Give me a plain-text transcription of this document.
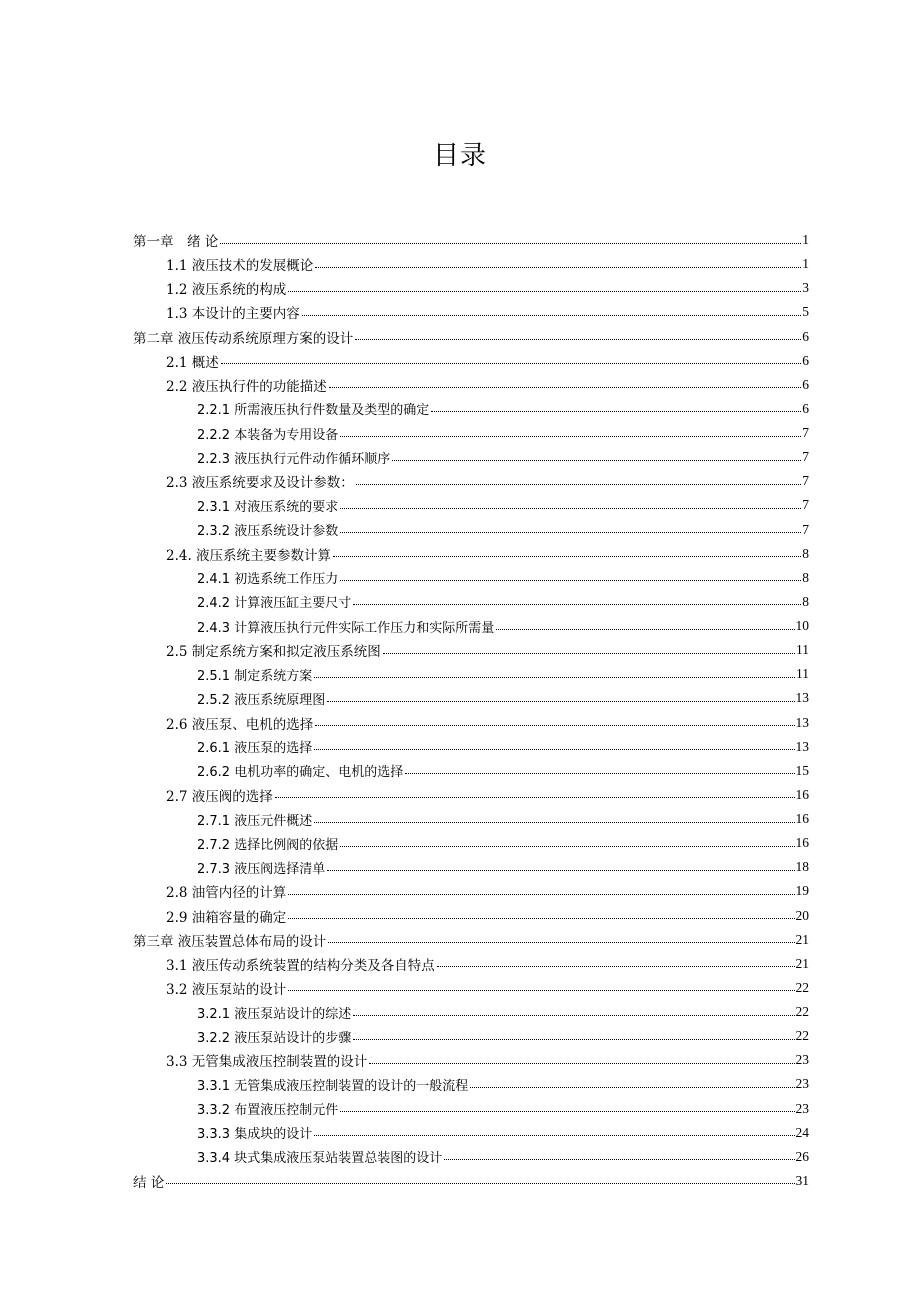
目录
第一章　绪 论	1
1.1 液压技术的发展概论	1
1.2 液压系统的构成	3
1.3 本设计的主要内容	5
第二章 液压传动系统原理方案的设计	6
2.1 概述	6
2.2 液压执行件的功能描述	6
2.2.1 所需液压执行件数量及类型的确定	6
2.2.2 本装备为专用设备	7
2.2.3 液压执行元件动作循环顺序	7
2.3 液压系统要求及设计参数：	7
2.3.1 对液压系统的要求	7
2.3.2 液压系统设计参数	7
2.4. 液压系统主要参数计算	8
2.4.1 初选系统工作压力	8
2.4.2 计算液压缸主要尺寸	8
2.4.3 计算液压执行元件实际工作压力和实际所需量	10
2.5 制定系统方案和拟定液压系统图	11
2.5.1 制定系统方案	11
2.5.2 液压系统原理图	13
2.6 液压泵、电机的选择	13
2.6.1 液压泵的选择	13
2.6.2 电机功率的确定、电机的选择	15
2.7 液压阀的选择	16
2.7.1 液压元件概述	16
2.7.2 选择比例阀的依据	16
2.7.3 液压阀选择清单	18
2.8 油管内径的计算	19
2.9 油箱容量的确定	20
第三章 液压装置总体布局的设计	21
3.1 液压传动系统装置的结构分类及各自特点	21
3.2 液压泵站的设计	22
3.2.1 液压泵站设计的综述	22
3.2.2 液压泵站设计的步骤	22
3.3 无管集成液压控制装置的设计	23
3.3.1 无管集成液压控制装置的设计的一般流程	23
3.3.2 布置液压控制元件	23
3.3.3 集成块的设计	24
3.3.4 块式集成液压泵站装置总装图的设计	26
结 论	31
